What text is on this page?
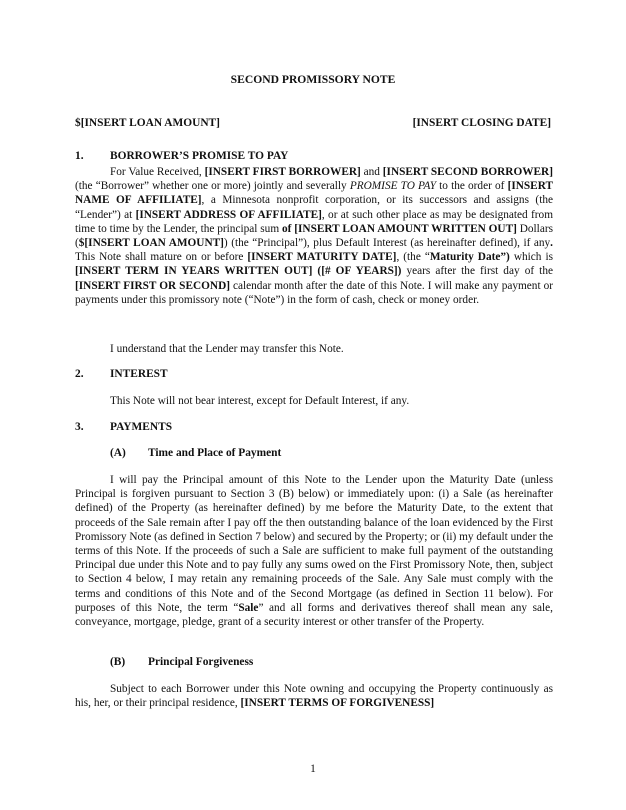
SECOND PROMISSORY NOTE
$[INSERT LOAN AMOUNT]	[INSERT CLOSING DATE]
1. BORROWER’S PROMISE TO PAY

For Value Received, [INSERT FIRST BORROWER] and [INSERT SECOND BORROWER] (the “Borrower” whether one or more) jointly and severally PROMISE TO PAY to the order of [INSERT NAME OF AFFILIATE], a Minnesota nonprofit corporation, or its successors and assigns (the “Lender”) at [INSERT ADDRESS OF AFFILIATE], or at such other place as may be designated from time to time by the Lender, the principal sum of [INSERT LOAN AMOUNT WRITTEN OUT] Dollars ($[INSERT LOAN AMOUNT]) (the “Principal”), plus Default Interest (as hereinafter defined), if any. This Note shall mature on or before [INSERT MATURITY DATE], (the “Maturity Date”) which is [INSERT TERM IN YEARS WRITTEN OUT] ([# OF YEARS]) years after the first day of the [INSERT FIRST OR SECOND] calendar month after the date of this Note. I will make any payment or payments under this promissory note (“Note”) in the form of cash, check or money order.

I understand that the Lender may transfer this Note.
2. INTEREST
This Note will not bear interest, except for Default Interest, if any.
3. PAYMENTS
(A) Time and Place of Payment

I will pay the Principal amount of this Note to the Lender upon the Maturity Date (unless Principal is forgiven pursuant to Section 3 (B) below) or immediately upon: (i) a Sale (as hereinafter defined) of the Property (as hereinafter defined) by me before the Maturity Date, to the extent that proceeds of the Sale remain after I pay off the then outstanding balance of the loan evidenced by the First Promissory Note (as defined in Section 7 below) and secured by the Property; or (ii) my default under the terms of this Note. If the proceeds of such a Sale are sufficient to make full payment of the outstanding Principal due under this Note and to pay fully any sums owed on the First Promissory Note, then, subject to Section 4 below, I may retain any remaining proceeds of the Sale. Any Sale must comply with the terms and conditions of this Note and of the Second Mortgage (as defined in Section 11 below). For purposes of this Note, the term “Sale” and all forms and derivatives thereof shall mean any sale, conveyance, mortgage, pledge, grant of a security interest or other transfer of the Property.

(B) Principal Forgiveness

Subject to each Borrower under this Note owning and occupying the Property continuously as his, her, or their principal residence, [INSERT TERMS OF FORGIVENESS]

1
